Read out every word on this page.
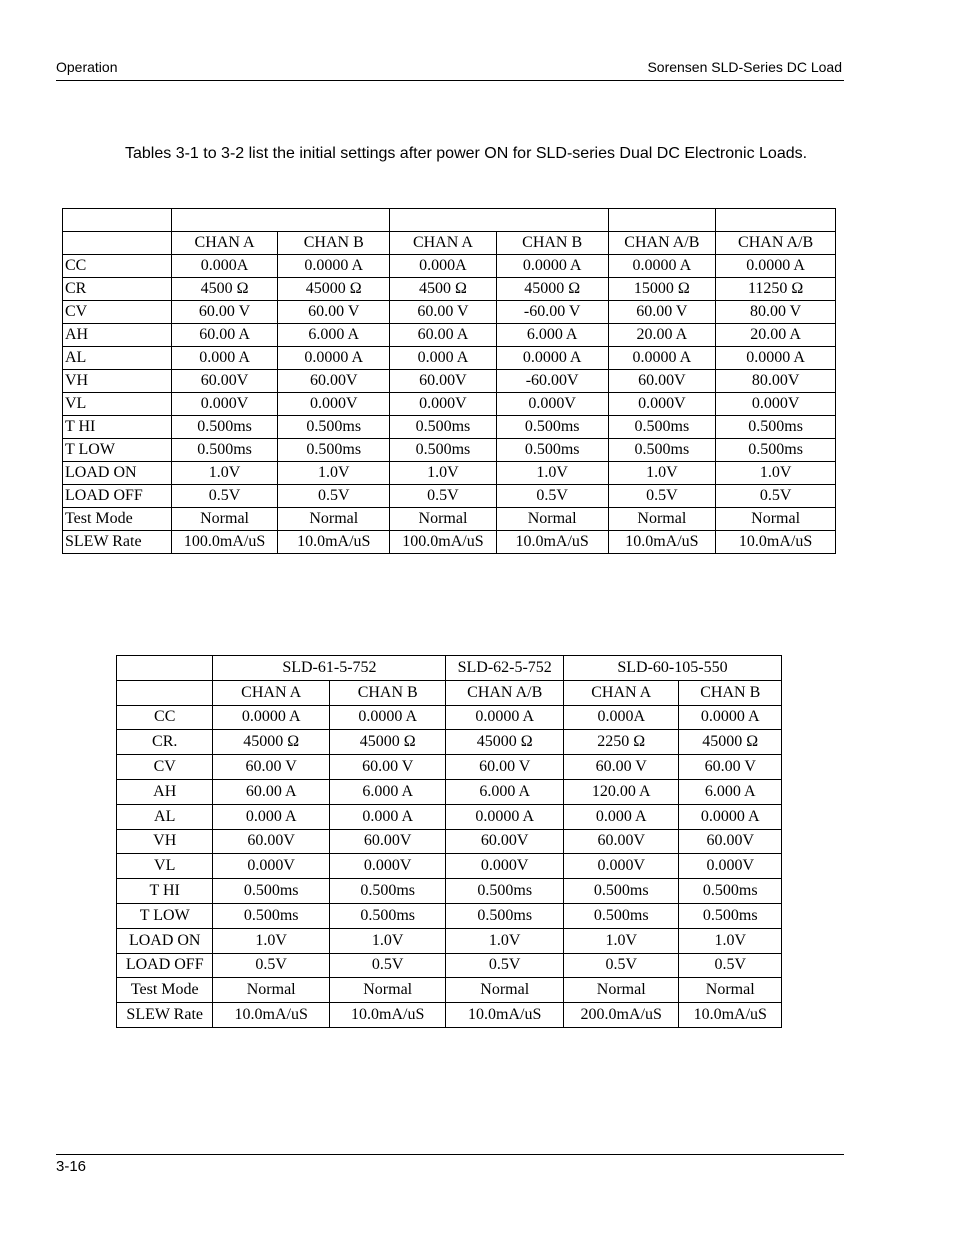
Operation	Sorensen SLD-Series DC Load
Tables 3-1 to 3-2 list the initial settings after power ON for SLD-series Dual DC Electronic Loads.

	CHAN A	CHAN B	CHAN A	CHAN B	CHAN A/B	CHAN A/B
CC	0.000A	0.0000 A	0.000A	0.0000 A	0.0000 A	0.0000 A
CR	4500 Ω	45000 Ω	4500 Ω	45000 Ω	15000 Ω	11250 Ω
CV	60.00 V	60.00 V	60.00 V	-60.00 V	60.00 V	80.00 V
AH	60.00 A	6.000 A	60.00 A	6.000 A	20.00 A	20.00 A
AL	0.000 A	0.0000 A	0.000 A	0.0000 A	0.0000 A	0.0000 A
VH	60.00V	60.00V	60.00V	-60.00V	60.00V	80.00V
VL	0.000V	0.000V	0.000V	0.000V	0.000V	0.000V
T HI	0.500ms	0.500ms	0.500ms	0.500ms	0.500ms	0.500ms
T LOW	0.500ms	0.500ms	0.500ms	0.500ms	0.500ms	0.500ms
LOAD ON	1.0V	1.0V	1.0V	1.0V	1.0V	1.0V
LOAD OFF	0.5V	0.5V	0.5V	0.5V	0.5V	0.5V
Test Mode	Normal	Normal	Normal	Normal	Normal	Normal
SLEW Rate	100.0mA/uS	10.0mA/uS	100.0mA/uS	10.0mA/uS	10.0mA/uS	10.0mA/uS
	SLD-61-5-752		SLD-62-5-752	SLD-60-105-550	
	CHAN A	CHAN B	CHAN A/B	CHAN A	CHAN B
CC	0.0000 A	0.0000 A	0.0000 A	0.000A	0.0000 A
CR.	45000 Ω	45000 Ω	45000 Ω	2250 Ω	45000 Ω
CV	60.00 V	60.00 V	60.00 V	60.00 V	60.00 V
AH	60.00 A	6.000 A	6.000 A	120.00 A	6.000 A
AL	0.000 A	0.000 A	0.0000 A	0.000 A	0.0000 A
VH	60.00V	60.00V	60.00V	60.00V	60.00V
VL	0.000V	0.000V	0.000V	0.000V	0.000V
T HI	0.500ms	0.500ms	0.500ms	0.500ms	0.500ms
T LOW	0.500ms	0.500ms	0.500ms	0.500ms	0.500ms
LOAD ON	1.0V	1.0V	1.0V	1.0V	1.0V
LOAD OFF	0.5V	0.5V	0.5V	0.5V	0.5V
Test Mode	Normal	Normal	Normal	Normal	Normal
SLEW Rate	10.0mA/uS	10.0mA/uS	10.0mA/uS	200.0mA/uS	10.0mA/uS
3-16
